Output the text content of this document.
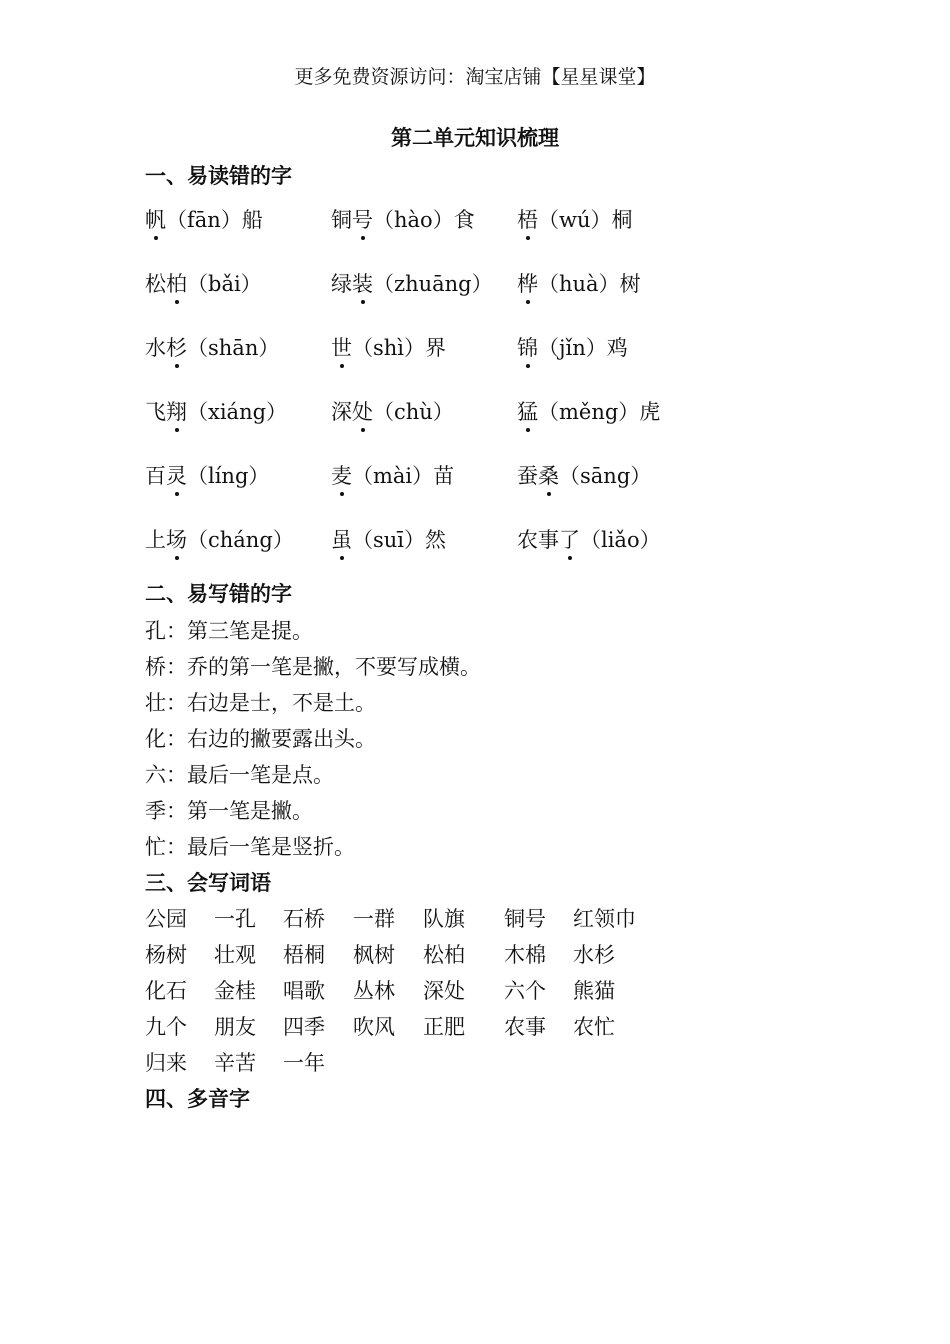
更多免费资源访问：淘宝店铺【星星课堂】
第二单元知识梳理
一、易读错的字
帆（fān）船	铜号（hào）食 梧（wú）桐
松柏（bǎi）	绿装（zhuāng） 桦（huà）树
水杉（shān） 世（shì）界	锦（jǐn）鸡
飞翔（xiáng） 深处（chù）	猛（měng）虎
百灵（líng）	麦（mài）苗	蚕桑（sāng）
上场（cháng） 虽（suī）然	农事了（liǎo）
二、易写错的字
孔：第三笔是提。
桥：乔的第一笔是撇，不要写成横。
壮：右边是士，不是土。
化：右边的撇要露出头。
六：最后一笔是点。
季：第一笔是撇。
忙：最后一笔是竖折。
三、会写词语
公园 一孔 石桥 一群 队旗 铜号 红领巾
杨树 壮观 梧桐 枫树 松柏 木棉 水杉
化石 金桂 唱歌 丛林 深处 六个 熊猫
九个 朋友 四季 吹风 正肥 农事 农忙
归来 辛苦 一年
四、多音字
